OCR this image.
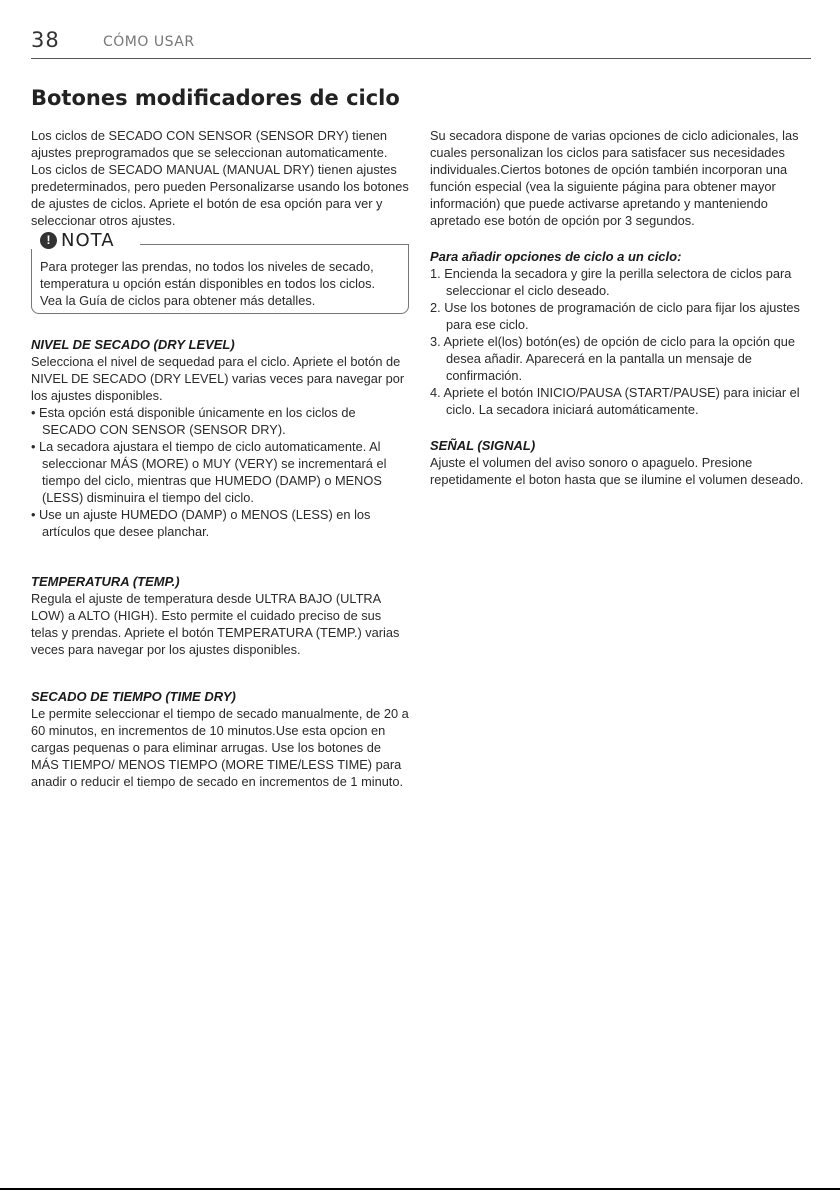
38	CÓMO USAR
Botones modificadores de ciclo

Los ciclos de SECADO CON SENSOR (SENSOR DRY) tienen ajustes preprogramados que se seleccionan automaticamente. Los ciclos de SECADO MANUAL (MANUAL DRY) tienen ajustes predeterminados, pero pueden Personalizarse usando los botones de ajustes de ciclos. Apriete el botón de esa opción para ver y seleccionar otros ajustes.

! NOTA

Para proteger las prendas, no todos los niveles de secado, temperatura u opción están disponibles en todos los ciclos. Vea la Guía de ciclos para obtener más detalles.

NIVEL DE SECADO (DRY LEVEL)

Selecciona el nivel de sequedad para el ciclo. Apriete el botón de NIVEL DE SECADO (DRY LEVEL) varias veces para navegar por los ajustes disponibles.

• Esta opción está disponible únicamente en los ciclos de SECADO CON SENSOR (SENSOR DRY).
• La secadora ajustara el tiempo de ciclo automaticamente. Al seleccionar MÁS (MORE) o MUY (VERY) se incrementará el tiempo del ciclo, mientras que HUMEDO (DAMP) o MENOS (LESS) disminuira el tiempo del ciclo.
• Use un ajuste HUMEDO (DAMP) o MENOS (LESS) en los artículos que desee planchar.

TEMPERATURA (TEMP.)

Regula el ajuste de temperatura desde ULTRA BAJO (ULTRA LOW) a ALTO (HIGH). Esto permite el cuidado preciso de sus telas y prendas. Apriete el botón TEMPERATURA (TEMP.) varias veces para navegar por los ajustes disponibles.

SECADO DE TIEMPO (TIME DRY)

Le permite seleccionar el tiempo de secado manualmente, de 20 a 60 minutos, en incrementos de 10 minutos.Use esta opcion en cargas pequenas o para eliminar arrugas. Use los botones de MÁS TIEMPO/ MENOS TIEMPO (MORE TIME/LESS TIME) para anadir o reducir el tiempo de secado en incrementos de 1 minuto.

Su secadora dispone de varias opciones de ciclo adicionales, las cuales personalizan los ciclos para satisfacer sus necesidades individuales.Ciertos botones de opción también incorporan una función especial (vea la siguiente página para obtener mayor información) que puede activarse apretando y manteniendo apretado ese botón de opción por 3 segundos.

Para añadir opciones de ciclo a un ciclo:

1. Encienda la secadora y gire la perilla selectora de ciclos para seleccionar el ciclo deseado.
2. Use los botones de programación de ciclo para fijar los ajustes para ese ciclo.
3. Apriete el(los) botón(es) de opción de ciclo para la opción que desea añadir. Aparecerá en la pantalla un mensaje de confirmación.
4. Apriete el botón INICIO/PAUSA (START/PAUSE) para iniciar el ciclo. La secadora iniciará automáticamente.

SEÑAL (SIGNAL)

Ajuste el volumen del aviso sonoro o apaguelo. Presione repetidamente el boton hasta que se ilumine el volumen deseado.
